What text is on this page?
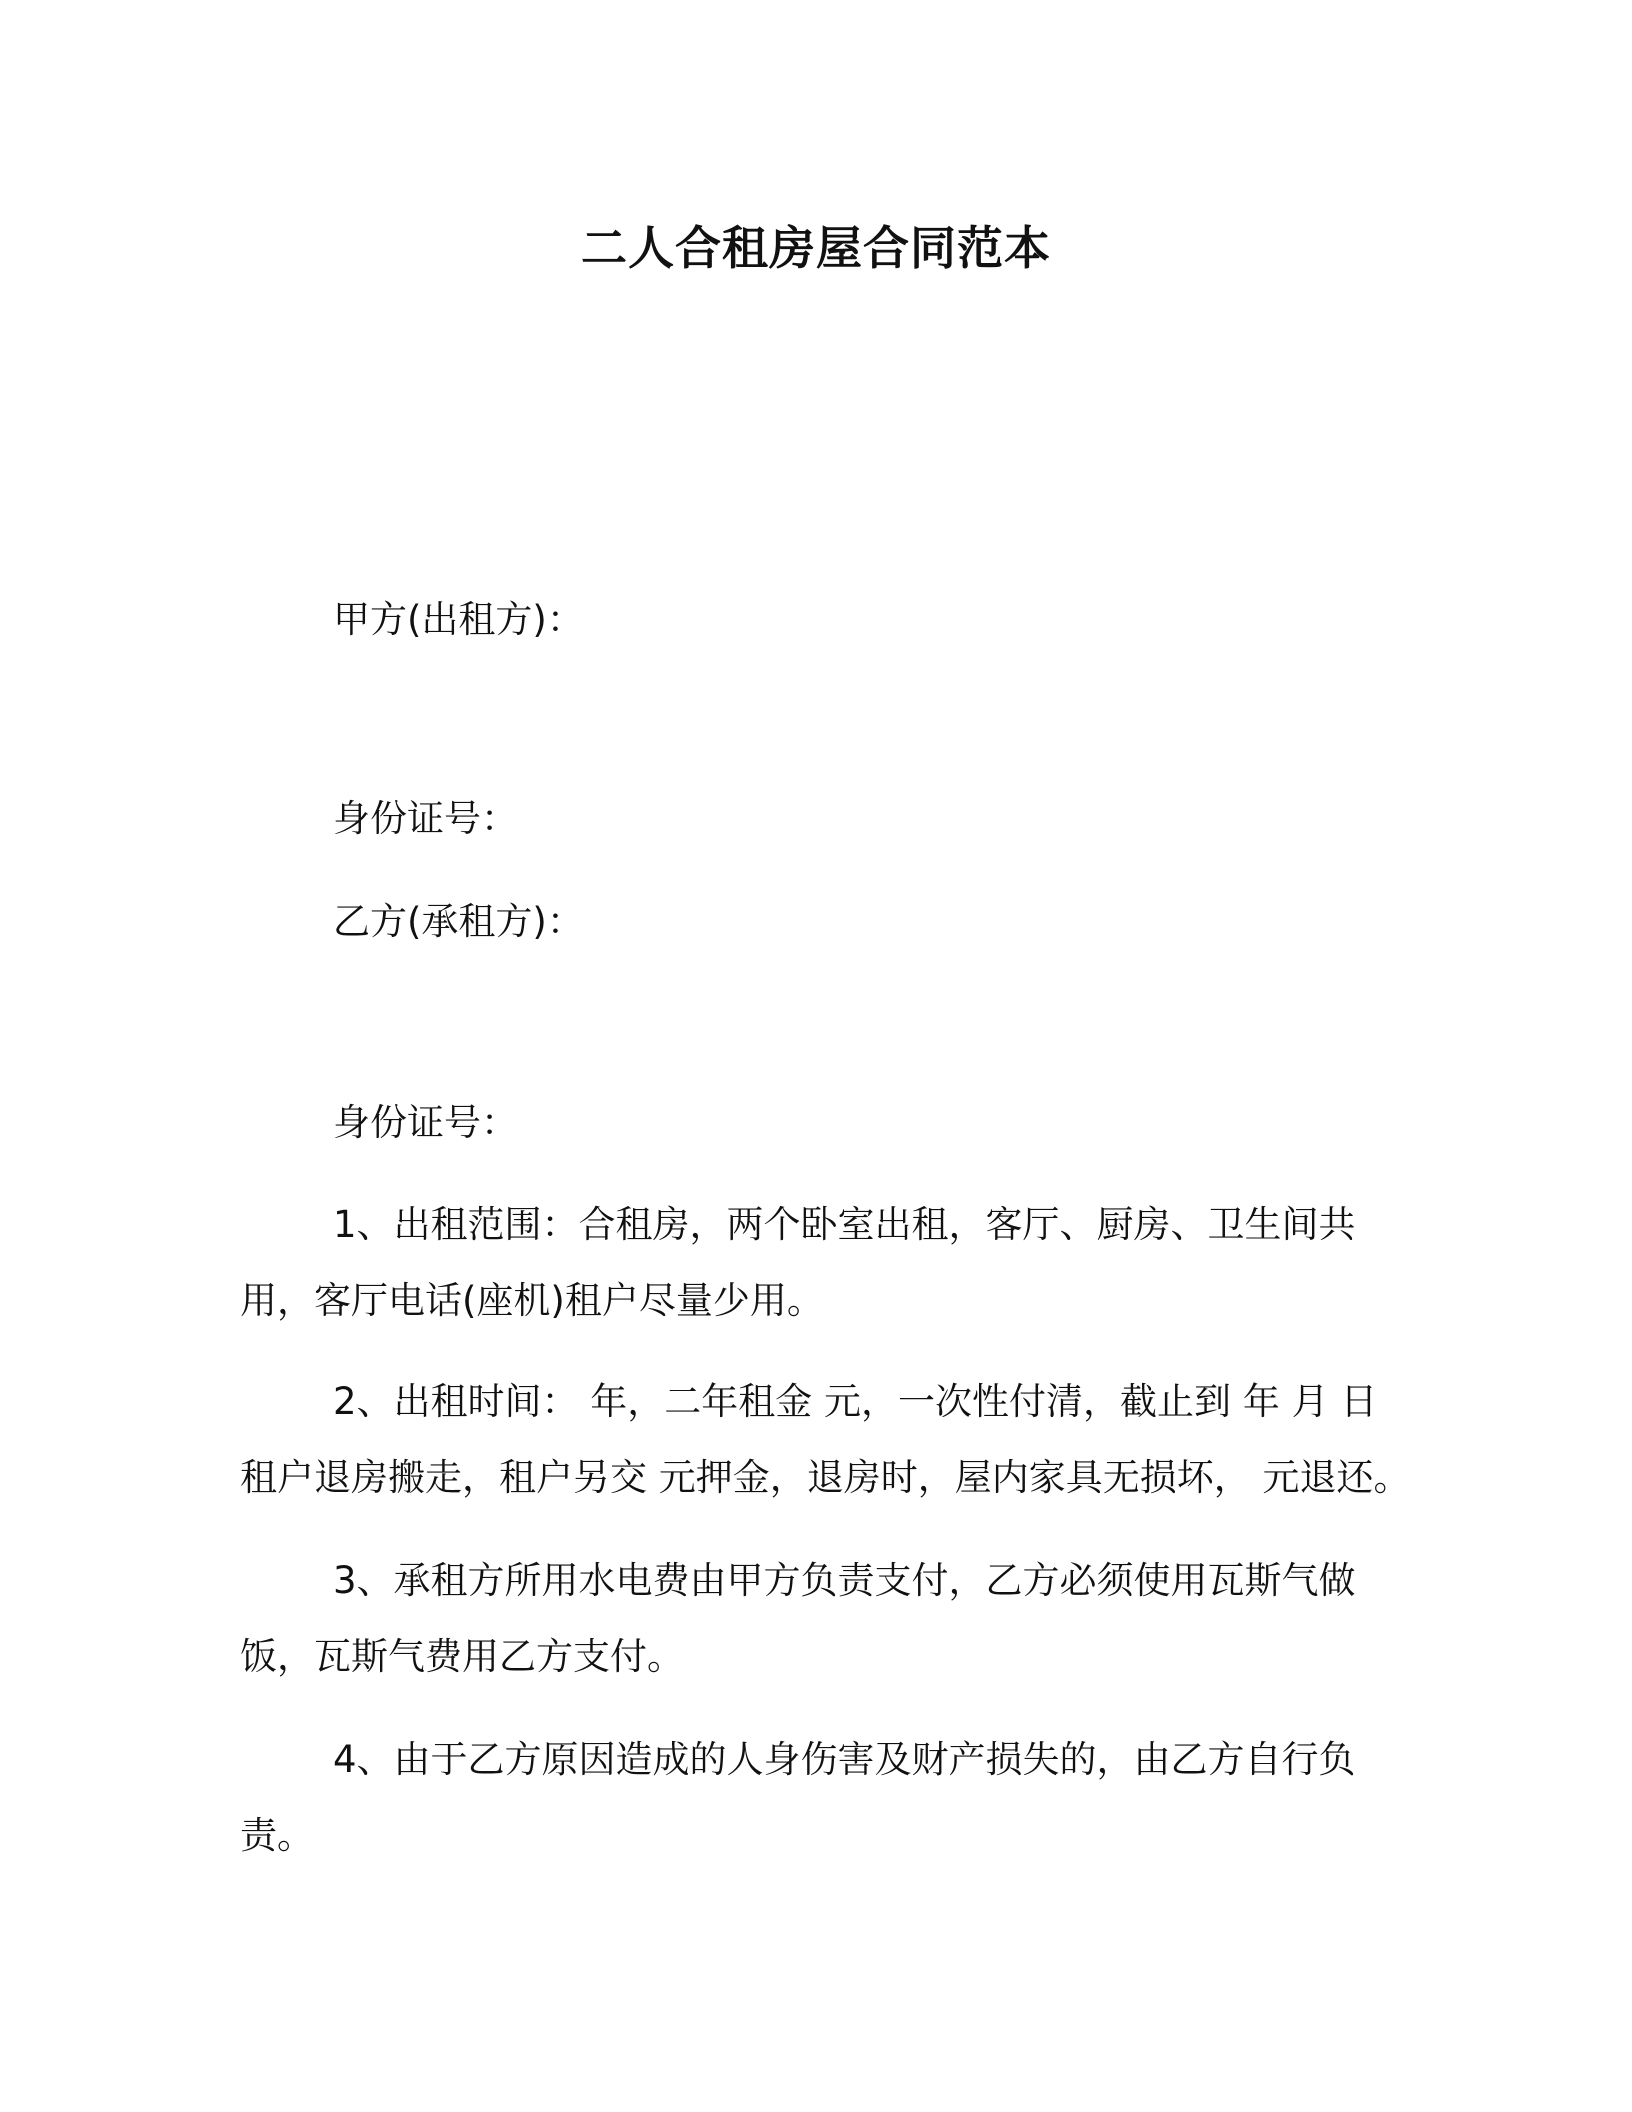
二人合租房屋合同范本
甲方(出租方)：
身份证号：
乙方(承租方)：
身份证号：
1、出租范围：合租房，两个卧室出租，客厅、厨房、卫生间共
用，客厅电话(座机)租户尽量少用。
2、出租时间： 年，二年租金 元，一次性付清，截止到 年 月 日
租户退房搬走，租户另交 元押金，退房时，屋内家具无损坏， 元退还。
3、承租方所用水电费由甲方负责支付，乙方必须使用瓦斯气做
饭，瓦斯气费用乙方支付。
4、由于乙方原因造成的人身伤害及财产损失的，由乙方自行负
责。
